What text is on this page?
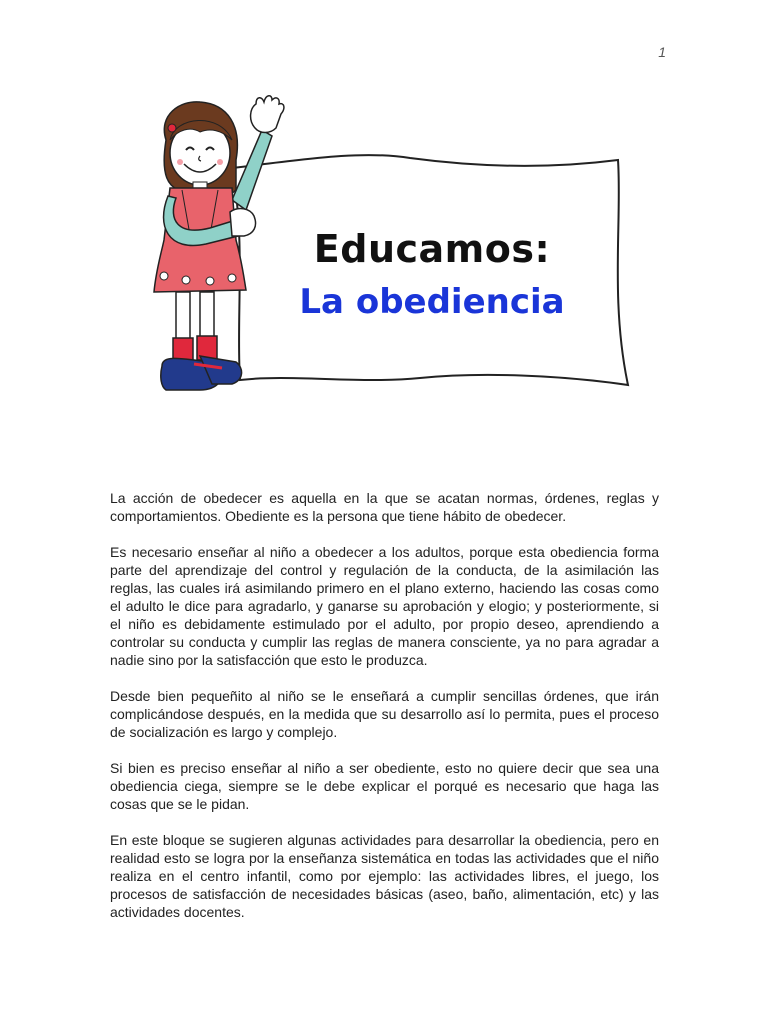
1
Educamos:
La obediencia

La acción de obedecer es aquella en la que se acatan normas, órdenes, reglas y comportamientos. Obediente es la persona que tiene hábito de obedecer.

Es necesario enseñar al niño a obedecer a los adultos, porque esta obediencia forma parte del aprendizaje del control y regulación de la conducta, de la asimilación las reglas, las cuales irá asimilando primero en el plano externo, haciendo las cosas como el adulto le dice para agradarlo, y ganarse su aprobación y elogio; y posteriormente, si el niño es debidamente estimulado por el adulto, por propio deseo, aprendiendo a controlar su conducta y cumplir las reglas de manera consciente, ya no para agradar a nadie sino por la satisfacción que esto le produzca.

Desde bien pequeñito al niño se le enseñará a cumplir sencillas órdenes, que irán complicándose después, en la medida que su desarrollo así lo permita, pues el proceso de socialización es largo y complejo.

Si bien es preciso enseñar al niño a ser obediente, esto no quiere decir que sea una obediencia ciega, siempre se le debe explicar el porqué es necesario que haga las cosas que se le pidan.

En este bloque se sugieren algunas actividades para desarrollar la obediencia, pero en realidad esto se logra por la enseñanza sistemática en todas las actividades que el niño realiza en el centro infantil, como por ejemplo: las actividades libres, el juego, los procesos de satisfacción de necesidades básicas (aseo, baño, alimentación, etc) y las actividades docentes.
